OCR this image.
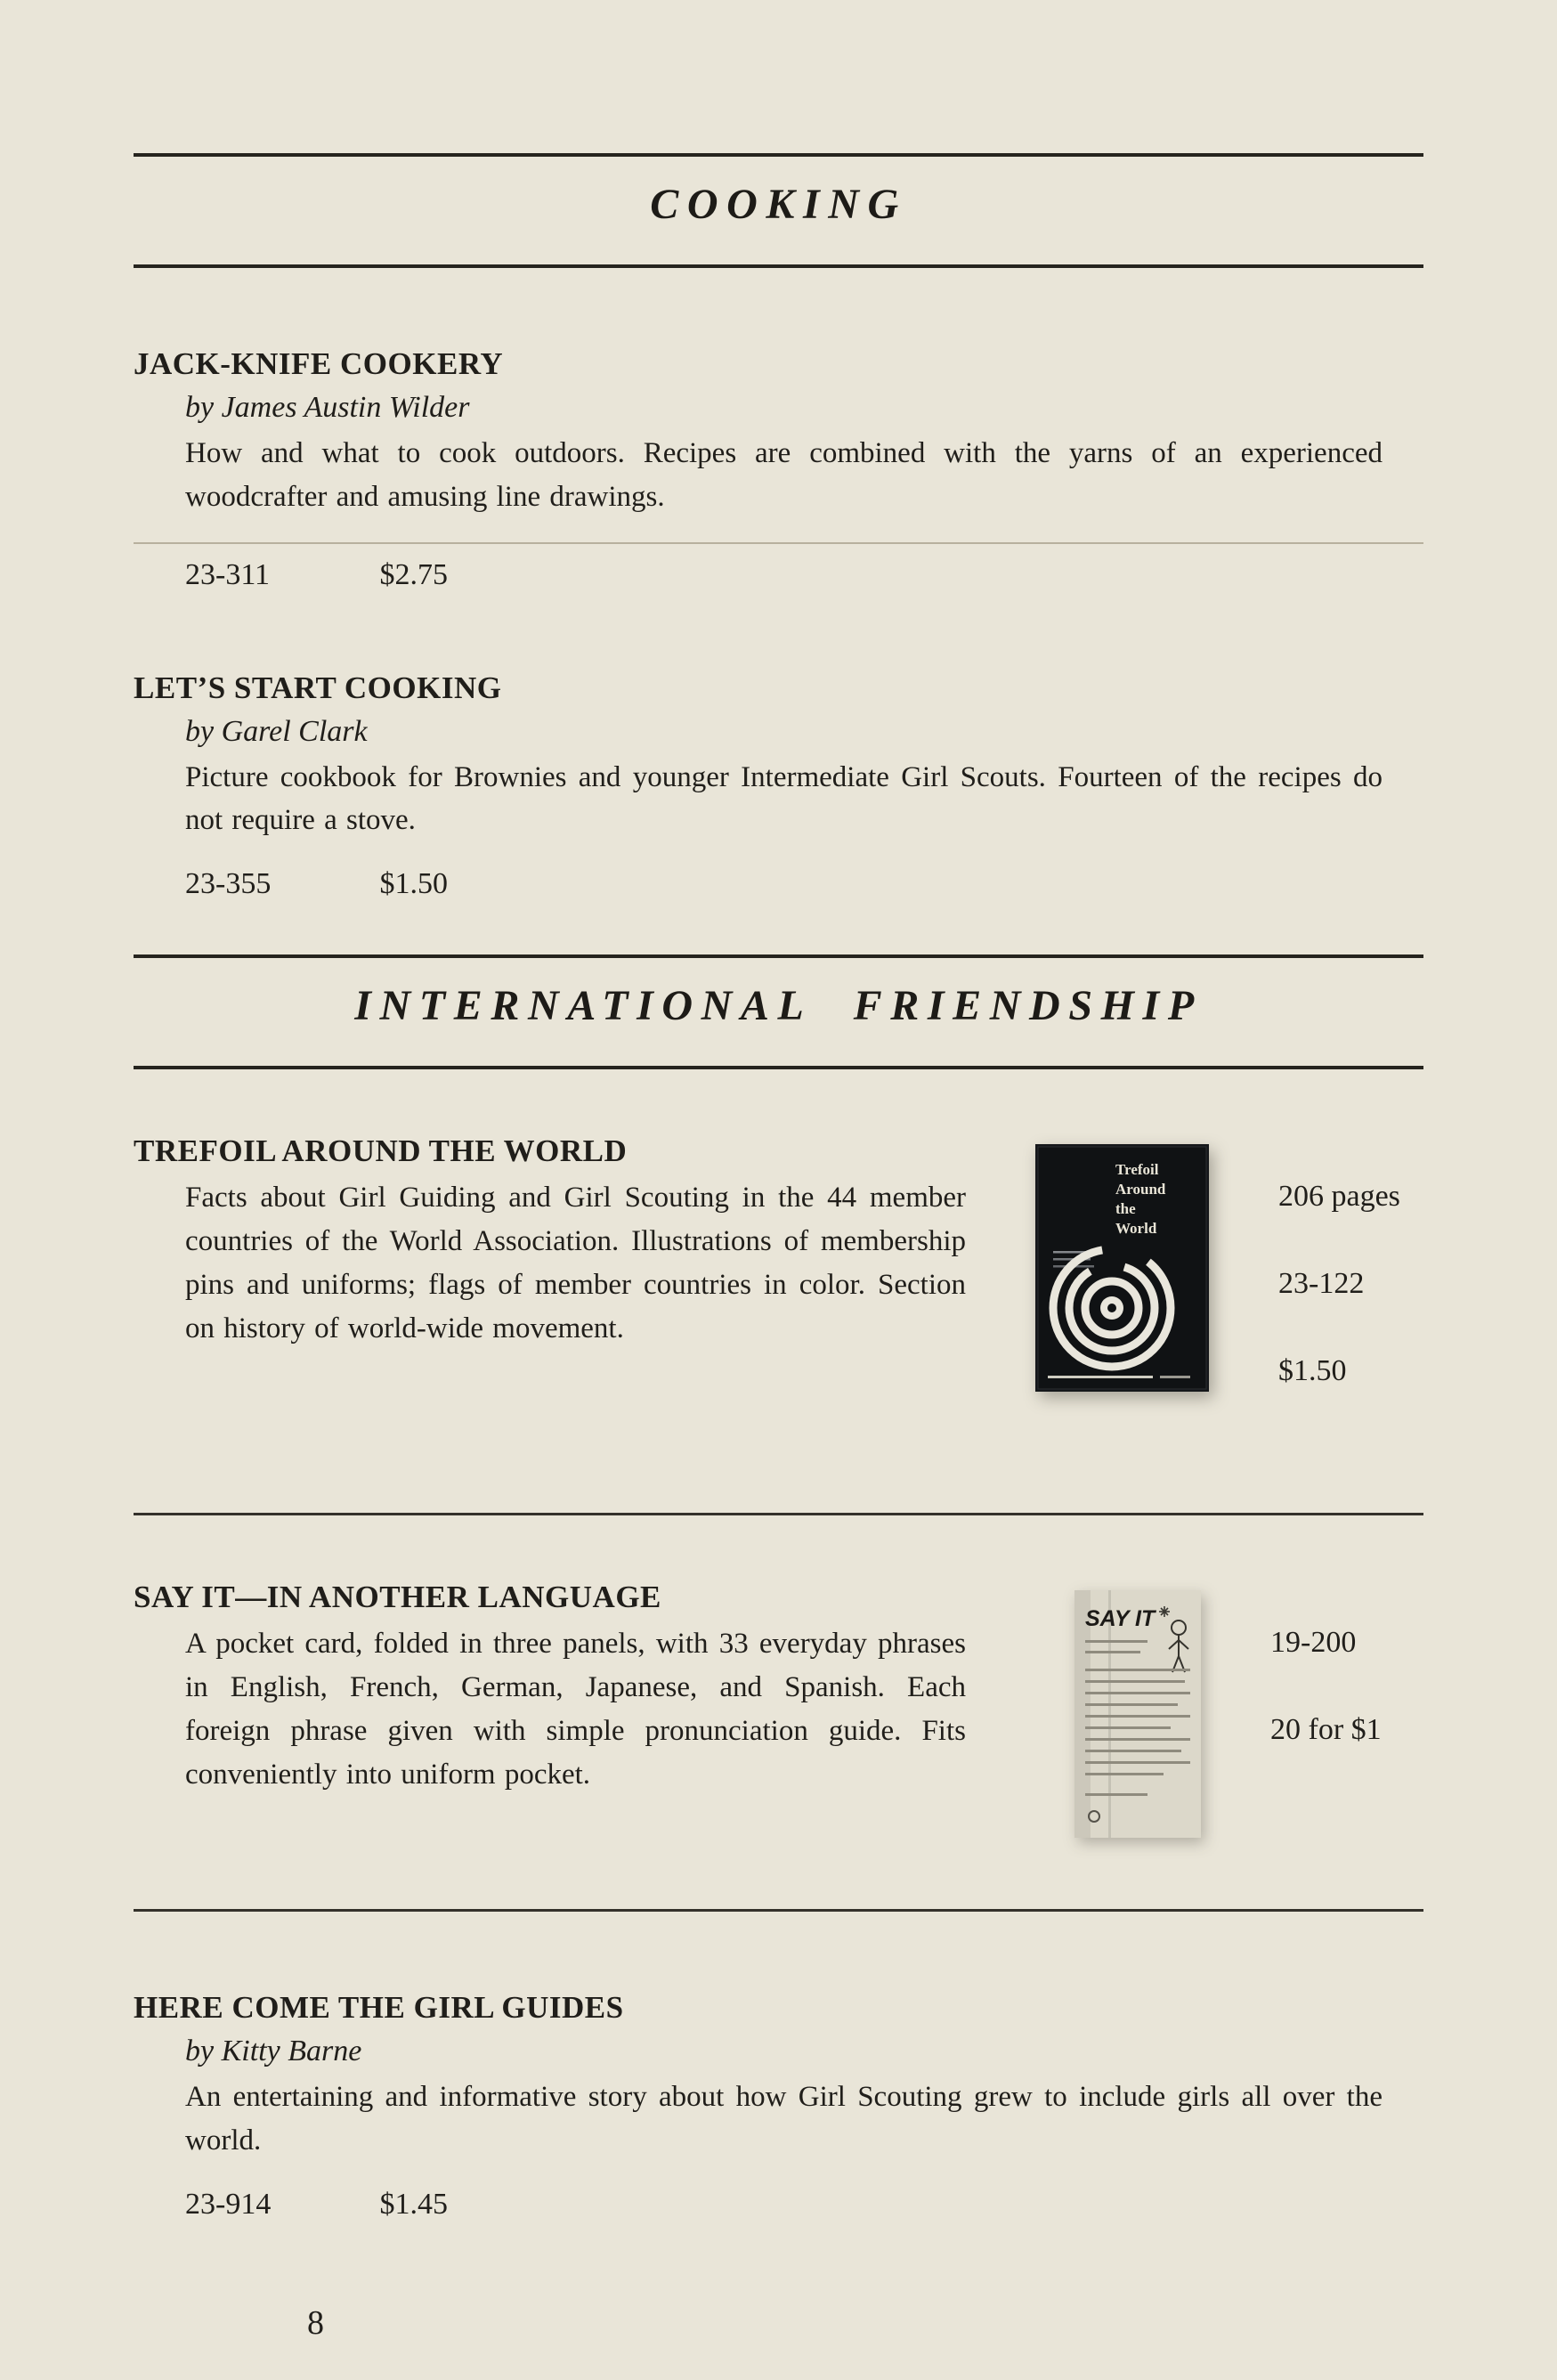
COOKING
JACK-KNIFE COOKERY

by James Austin Wilder

How and what to cook outdoors. Recipes are combined with the yarns of an experienced woodcrafter and amusing line drawings.

23-311	$2.75

LET’S START COOKING

by Garel Clark

Picture cookbook for Brownies and younger Intermediate Girl Scouts. Fourteen of the recipes do not require a stove.

23-355	$1.50

INTERNATIONAL FRIENDSHIP
TREFOIL AROUND THE WORLD

Facts about Girl Guiding and Girl Scouting in the 44 member countries of the World Association. Illustrations of membership pins and uniforms; flags of member countries in color. Section on history of world-wide movement.

Trefoil
Around
the
World
206 pages
23-122
$1.50
SAY IT—IN ANOTHER LANGUAGE

A pocket card, folded in three panels, with 33 everyday phrases in English, French, German, Japanese, and Spanish. Each foreign phrase given with simple pronunciation guide. Fits conveniently into uniform pocket.

SAY IT
19-200
20 for $1
HERE COME THE GIRL GUIDES

by Kitty Barne

An entertaining and informative story about how Girl Scouting grew to include girls all over the world.

23-914	$1.45

8
